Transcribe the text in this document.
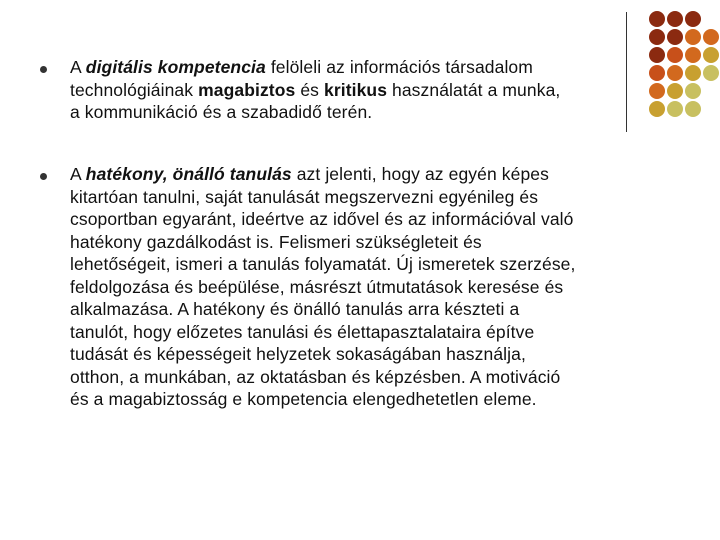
A digitális kompetencia felöleli az információs társadalom
technológiáinak magabiztos és kritikus használatát a munka,
a kommunikáció és a szabadidő terén.
A hatékony, önálló tanulás azt jelenti, hogy az egyén képes
kitartóan tanulni, saját tanulását megszervezni egyénileg és
csoportban egyaránt, ideértve az idővel és az információval való
hatékony gazdálkodást is. Felismeri szükségleteit és
lehetőségeit, ismeri a tanulás folyamatát. Új ismeretek szerzése,
feldolgozása és beépülése, másrészt útmutatások keresése és
alkalmazása. A hatékony és önálló tanulás arra készteti a
tanulót, hogy előzetes tanulási és élettapasztalataira építve
tudását és képességeit helyzetek sokaságában használja,
otthon, a munkában, az oktatásban és képzésben. A motiváció
és a magabiztosság e kompetencia elengedhetetlen eleme.
